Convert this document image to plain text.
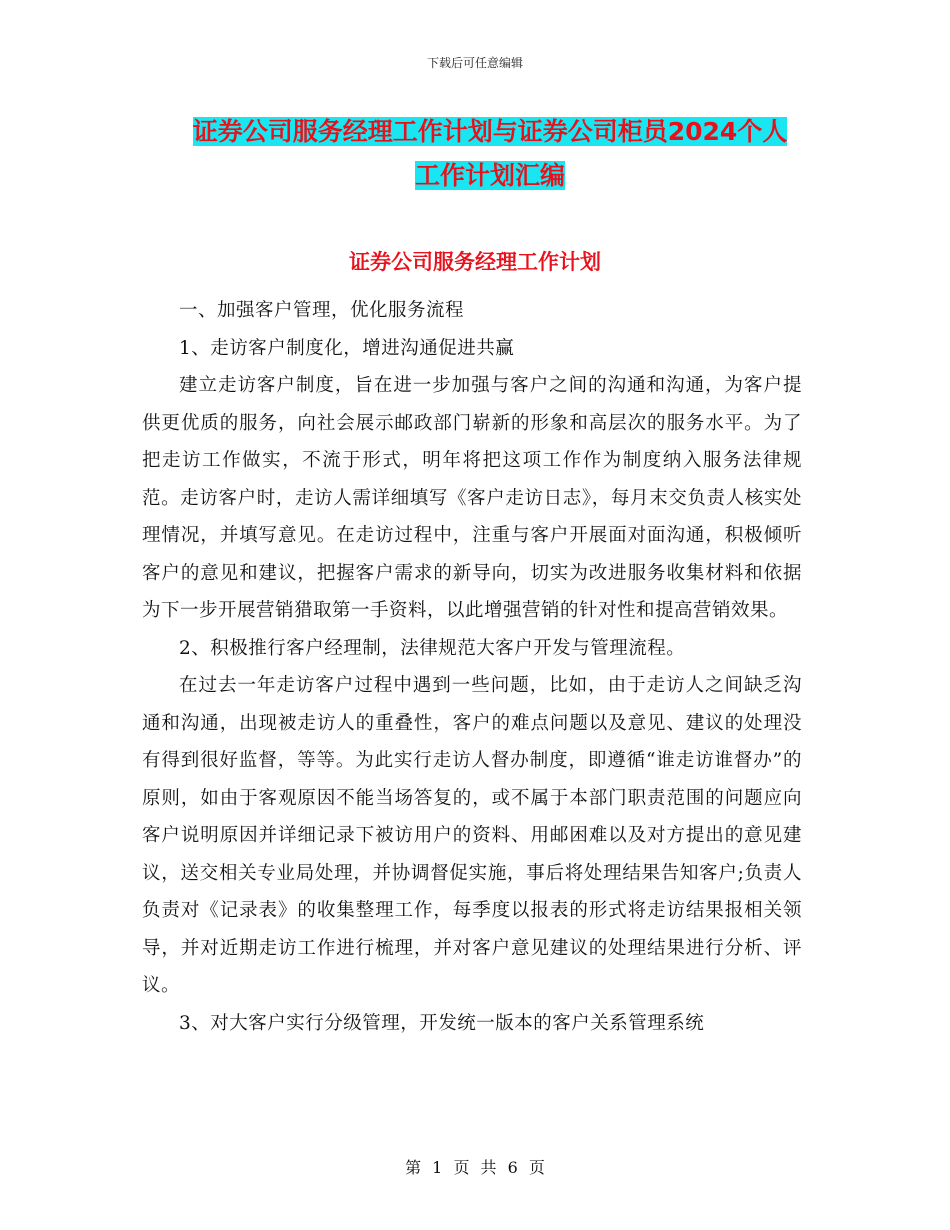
下载后可任意编辑
证券公司服务经理工作计划与证券公司柜员2024个人
工作计划汇编
证券公司服务经理工作计划

一、加强客户管理，优化服务流程

1、走访客户制度化，增进沟通促进共赢

建立走访客户制度，旨在进一步加强与客户之间的沟通和沟通，为客户提供更优质的服务，向社会展示邮政部门崭新的形象和高层次的服务水平。为了把走访工作做实，不流于形式，明年将把这项工作作为制度纳入服务法律规范。走访客户时，走访人需详细填写《客户走访日志》，每月末交负责人核实处理情况，并填写意见。在走访过程中，注重与客户开展面对面沟通，积极倾听客户的意见和建议，把握客户需求的新导向，切实为改进服务收集材料和依据为下一步开展营销猎取第一手资料，以此增强营销的针对性和提高营销效果。

2、积极推行客户经理制，法律规范大客户开发与管理流程。

在过去一年走访客户过程中遇到一些问题，比如，由于走访人之间缺乏沟通和沟通，出现被走访人的重叠性，客户的难点问题以及意见、建议的处理没有得到很好监督，等等。为此实行走访人督办制度，即遵循“谁走访谁督办”的原则，如由于客观原因不能当场答复的，或不属于本部门职责范围的问题应向客户说明原因并详细记录下被访用户的资料、用邮困难以及对方提出的意见建议，送交相关专业局处理，并协调督促实施，事后将处理结果告知客户;负责人负责对《记录表》的收集整理工作，每季度以报表的形式将走访结果报相关领导，并对近期走访工作进行梳理，并对客户意见建议的处理结果进行分析、评议。

3、对大客户实行分级管理，开发统一版本的客户关系管理系统

第 1 页 共 6 页
